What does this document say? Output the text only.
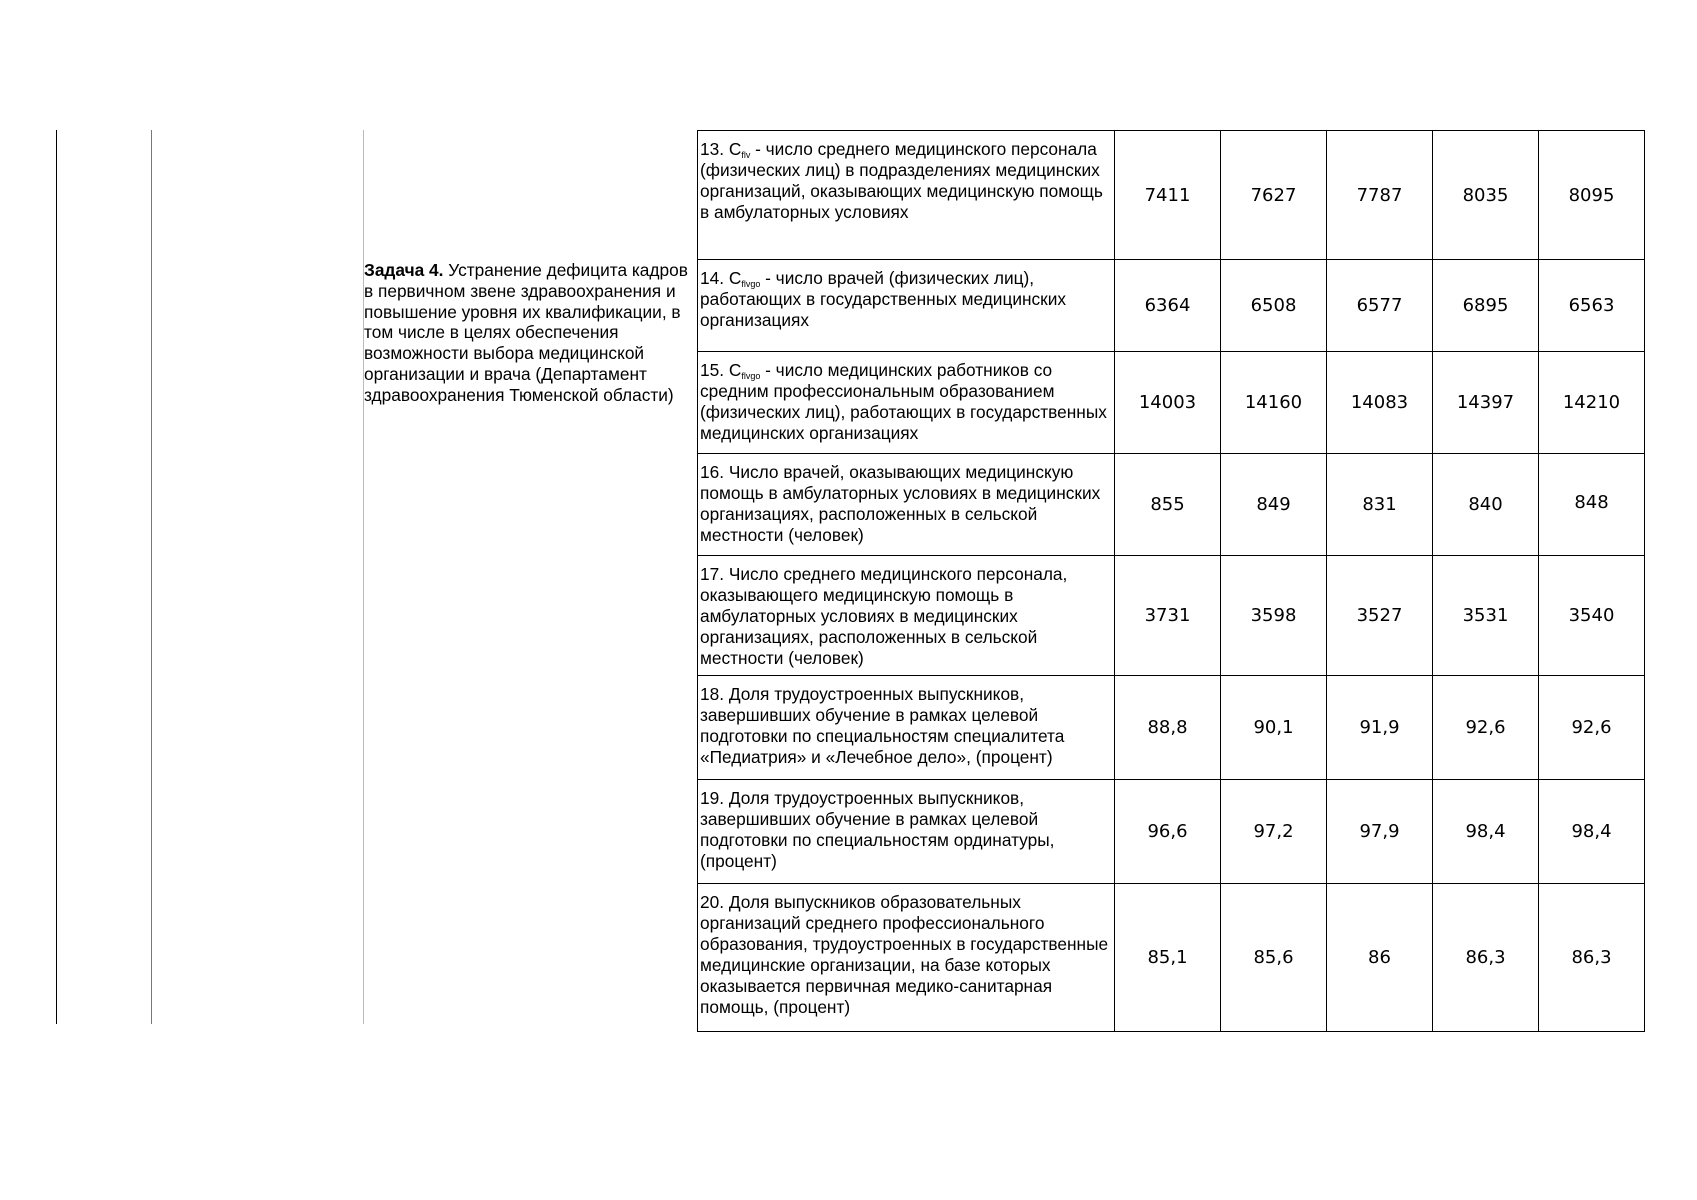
Задача 4. Устранение дефицита кадров в первичном звене здравоохранения и повышение уровня их квалификации, в том числе в целях обеспечения возможности выбора медицинской организации и врача (Департамент здравоохранения Тюменской области)
13. $C_{flv}$ - число среднего медицинского персонала (физических лиц) в подразделениях медицинских организаций, оказывающих медицинскую помощь в амбулаторных условиях	7411	7627	7787	8035	8095
14. $C_{flvgo}$ - число врачей (физических лиц), работающих в государственных медицинских организациях	6364	6508	6577	6895	6563
15. $C_{flvgo}$ - число медицинских работников со средним профессиональным образованием (физических лиц), работающих в государственных медицинских организациях	14003	14160	14083	14397	14210
16. Число врачей, оказывающих медицинскую помощь в амбулаторных условиях в медицинских организациях, расположенных в сельской местности (человек)	855	849	831	840	848
17. Число среднего медицинского персонала, оказывающего медицинскую помощь в амбулаторных условиях в медицинских организациях, расположенных в сельской местности (человек)	3731	3598	3527	3531	3540
18. Доля трудоустроенных выпускников, завершивших обучение в рамках целевой подготовки по специальностям специалитета «Педиатрия» и «Лечебное дело», (процент)	88,8	90,1	91,9	92,6	92,6
19. Доля трудоустроенных выпускников, завершивших обучение в рамках целевой подготовки по специальностям ординатуры, (процент)	96,6	97,2	97,9	98,4	98,4
20. Доля выпускников образовательных организаций среднего профессионального образования, трудоустроенных в государственные медицинские организации, на базе которых оказывается первичная медико-санитарная помощь, (процент)	85,1	85,6	86	86,3	86,3
